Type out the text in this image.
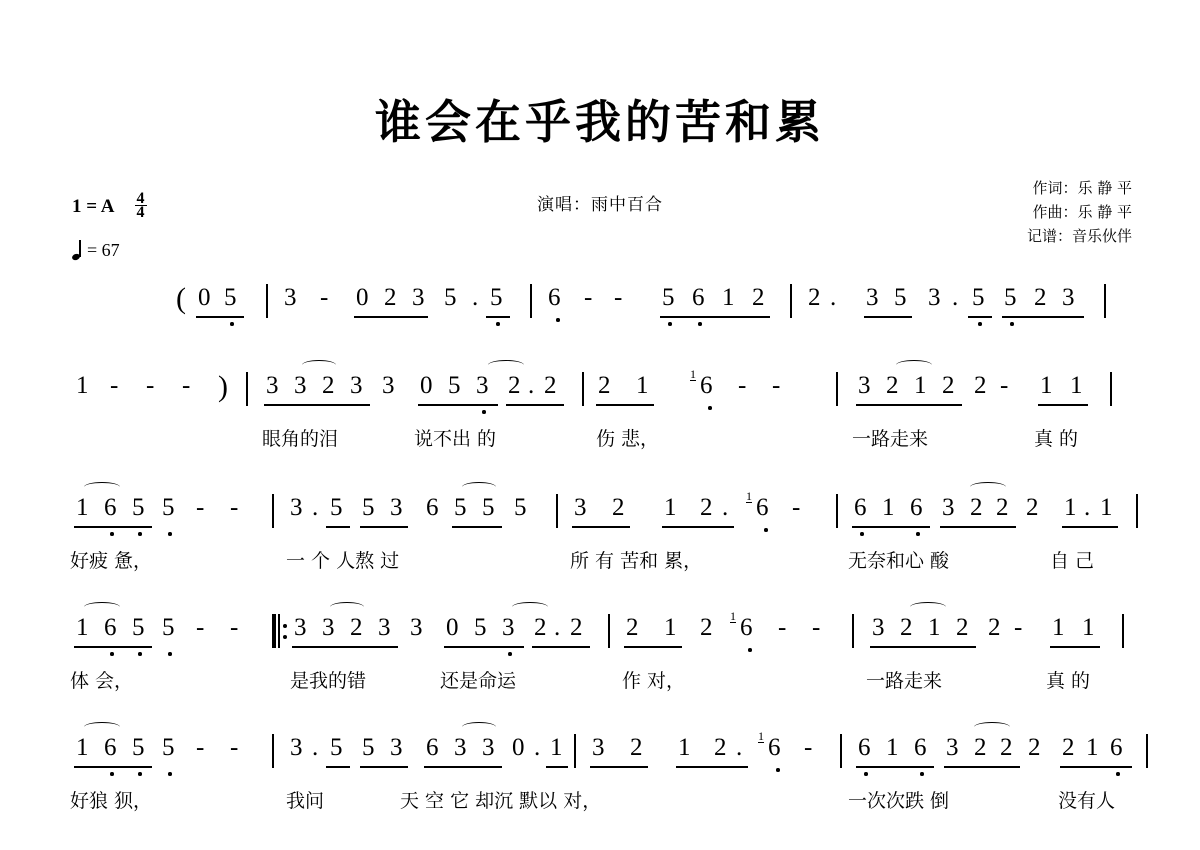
谁会在乎我的苦和累
演唱：雨中百合
作词：乐 静 平
作曲：乐 静 平
记谱：音乐伙伴
1 = A $\frac{4}{4}$
= 67
( 0 5 3 - 0 2 3 5 . 5 6 - - 5 6 1 2 2 . 3 5 3 . 5 5 2 3
1 - - - ) 3 3 2 3 3 0 5 3 2 . 2 2 1	1 6 - -	3 2 1 2 2 - 1 1
眼角的泪	说不出 的	伤 悲，	一路走来	真 的
1 6 5 5 - - 3 . 5 5 3 6 5 5 5 3 2 1 2 . 1 6 - 6 1 6 3 2 2 2 1 . 1
好疲 惫，	一 个 人熬 过	所 有 苦和 累，	无奈和心 酸	自 己
1 6 5 5 - - 3 3 2 3 3 0 5 3 2 . 2 2 1 2 1 6 - - 3 2 1 2 2 - 1 1
体 会，	是我的错	还是命运	作 对，	一路走来	真 的
1 6 5 5 - - 3 . 5 5 3 6 3 3 0 . 1 3 2 1 2 . 1 6 - 6 1 6 3 2 2 2 2 1 6
好狼 狈，	我问	天 空 它 却沉 默以 对，	一次次跌 倒	没有人
